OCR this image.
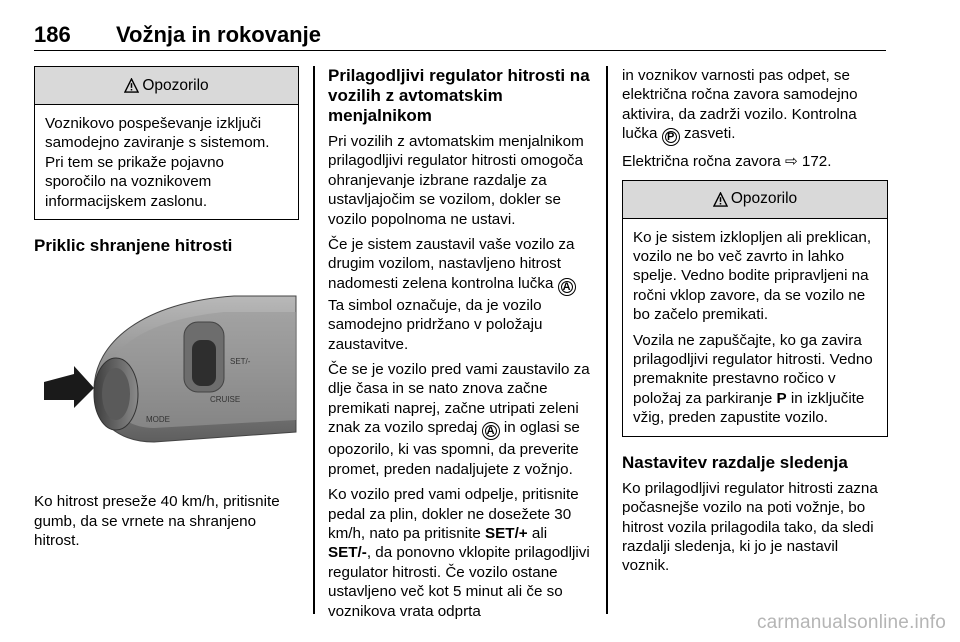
186 Vožnja in rokovanje
Opozorilo

Voznikovo pospeševanje izključi samodejno zaviranje s sistemom. Pri tem se prikaže pojavno sporočilo na voznikovem informacijskem zaslonu.

Priklic shranjene hitrosti
SET/-
CRUISE
MODE

Ko hitrost preseže 40 km/h, pritisnite gumb, da se vrnete na shranjeno hitrost.

Prilagodljivi regulator hitrosti na vozilih z avtomatskim menjalnikom

Pri vozilih z avtomatskim menjalnikom prilagodljivi regulator hitrosti omogoča ohranjevanje izbrane razdalje za ustavljajočim se vozilom, dokler se vozilo popolnoma ne ustavi.

Če je sistem zaustavil vaše vozilo za drugim vozilom, nastavljeno hitrost nadomesti zelena kontrolna lučka A Ta simbol označuje, da je vozilo samodejno pridržano v položaju zaustavitve.

Če se je vozilo pred vami zaustavilo za dlje časa in se nato znova začne premikati naprej, začne utripati zeleni znak za vozilo spredaj A in oglasi se opozorilo, ki vas spomni, da preverite promet, preden nadaljujete z vožnjo.

Ko vozilo pred vami odpelje, pritisnite pedal za plin, dokler ne dosežete 30 km/h, nato pa pritisnite SET/+ ali SET/-, da ponovno vklopite prilagodljivi regulator hitrosti. Če vozilo ostane ustavljeno več kot 5 minut ali če so voznikova vrata odprta

in voznikov varnosti pas odpet, se električna ročna zavora samodejno aktivira, da zadrži vozilo. Kontrolna lučka P zasveti.

Električna ročna zavora ⇨ 172.

Opozorilo

Ko je sistem izklopljen ali preklican, vozilo ne bo več zavrto in lahko spelje. Vedno bodite pripravljeni na ročni vklop zavore, da se vozilo ne bo začelo premikati.

Vozila ne zapuščajte, ko ga zavira prilagodljivi regulator hitrosti. Vedno premaknite prestavno ročico v položaj za parkiranje P in izključite vžig, preden zapustite vozilo.

Nastavitev razdalje sledenja

Ko prilagodljivi regulator hitrosti zazna počasnejše vozilo na poti vožnje, bo hitrost vozila prilagodila tako, da sledi razdalji sledenja, ki jo je nastavil voznik.

carmanualsonline.info
